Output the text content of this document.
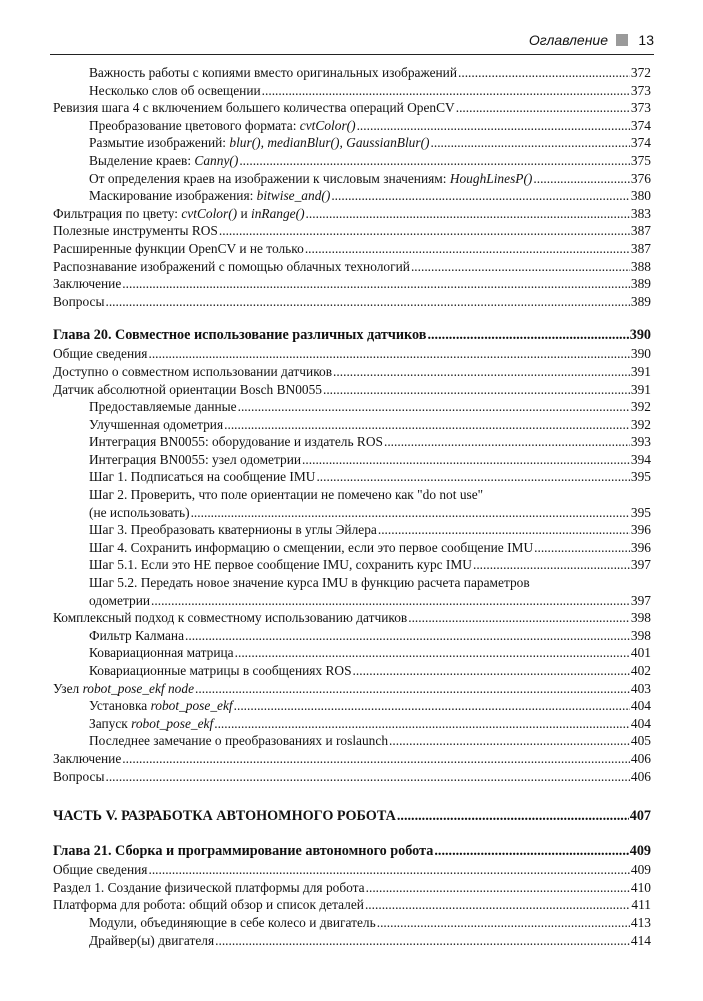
Оглавление 13
Важность работы с копиями вместо оригинальных изображений .....	372
Несколько слов об освещении .....	373
Ревизия шага 4 с включением большего количества операций OpenCV .....	373
Преобразование цветового формата: cvtColor() .....	374
Размытие изображений: blur(), medianBlur(), GaussianBlur() .....	374
Выделение краев: Canny() .....	375
От определения краев на изображении к числовым значениям: HoughLinesP() .....	376
Маскирование изображения: bitwise_and() .....	380
Фильтрация по цвету: cvtColor() и inRange() .....	383
Полезные инструменты ROS .....	387
Расширенные функции OpenCV и не только .....	387
Распознавание изображений с помощью облачных технологий .....	388
Заключение .....	389
Вопросы .....	389
Глава 20. Совместное использование различных датчиков .....	390
Общие сведения .....	390
Доступно о совместном использовании датчиков .....	391
Датчик абсолютной ориентации Bosch BN0055 .....	391
Предоставляемые данные .....	392
Улучшенная одометрия .....	392
Интеграция BN0055: оборудование и издатель ROS .....	393
Интеграция BN0055: узел одометрии .....	394
Шаг 1. Подписаться на сообщение IMU .....	395
Шаг 2. Проверить, что поле ориентации не помечено как "do not use"
(не использовать) .....	395
Шаг 3. Преобразовать кватернионы в углы Эйлера .....	396
Шаг 4. Сохранить информацию о смещении, если это первое сообщение IMU .....	396
Шаг 5.1. Если это НЕ первое сообщение IMU, сохранить курс IMU .....	397
Шаг 5.2. Передать новое значение курса IMU в функцию расчета параметров
одометрии .....	397
Комплексный подход к совместному использованию датчиков .....	398
Фильтр Калмана .....	398
Ковариационная матрица .....	401
Ковариационные матрицы в сообщениях ROS .....	402
Узел robot_pose_ekf node .....	403
Установка robot_pose_ekf .....	404
Запуск robot_pose_ekf .....	404
Последнее замечание о преобразованиях и roslaunch .....	405
Заключение .....	406
Вопросы .....	406
ЧАСТЬ V. РАЗРАБОТКА АВТОНОМНОГО РОБОТА .....	407
Глава 21. Сборка и программирование автономного робота .....	409
Общие сведения .....	409
Раздел 1. Создание физической платформы для робота .....	410
Платформа для робота: общий обзор и список деталей .....	411
Модули, объединяющие в себе колесо и двигатель .....	413
Драйвер(ы) двигателя .....	414
